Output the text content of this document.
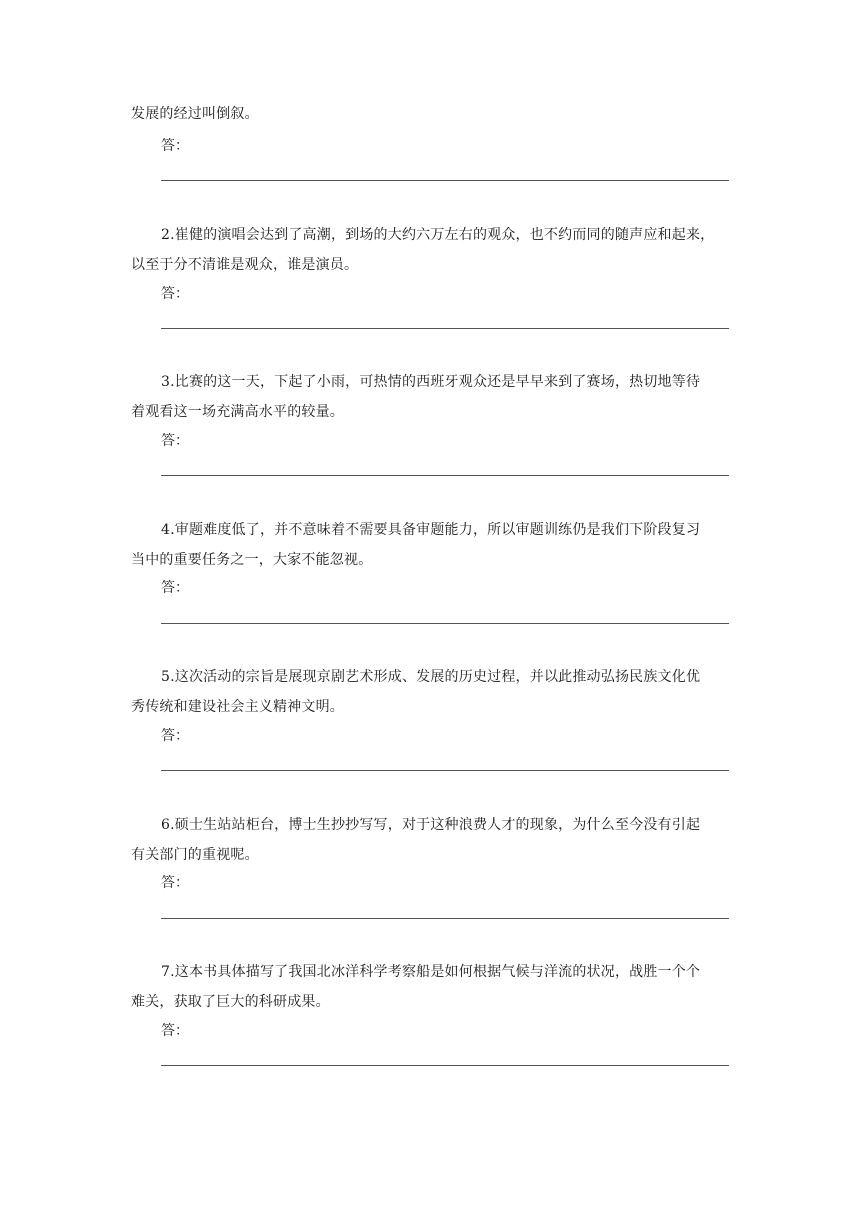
发展的经过叫倒叙。
答：
2.崔健的演唱会达到了高潮，到场的大约六万左右的观众，也不约而同的随声应和起来，
以至于分不清谁是观众，谁是演员。
答：
3.比赛的这一天，下起了小雨，可热情的西班牙观众还是早早来到了赛场，热切地等待
着观看这一场充满高水平的较量。
答：
4.审题难度低了，并不意味着不需要具备审题能力，所以审题训练仍是我们下阶段复习
当中的重要任务之一，大家不能忽视。
答：
5.这次活动的宗旨是展现京剧艺术形成、发展的历史过程，并以此推动弘扬民族文化优
秀传统和建设社会主义精神文明。
答：
6.硕士生站站柜台，博士生抄抄写写，对于这种浪费人才的现象，为什么至今没有引起
有关部门的重视呢。
答：
7.这本书具体描写了我国北冰洋科学考察船是如何根据气候与洋流的状况，战胜一个个
难关，获取了巨大的科研成果。
答：
